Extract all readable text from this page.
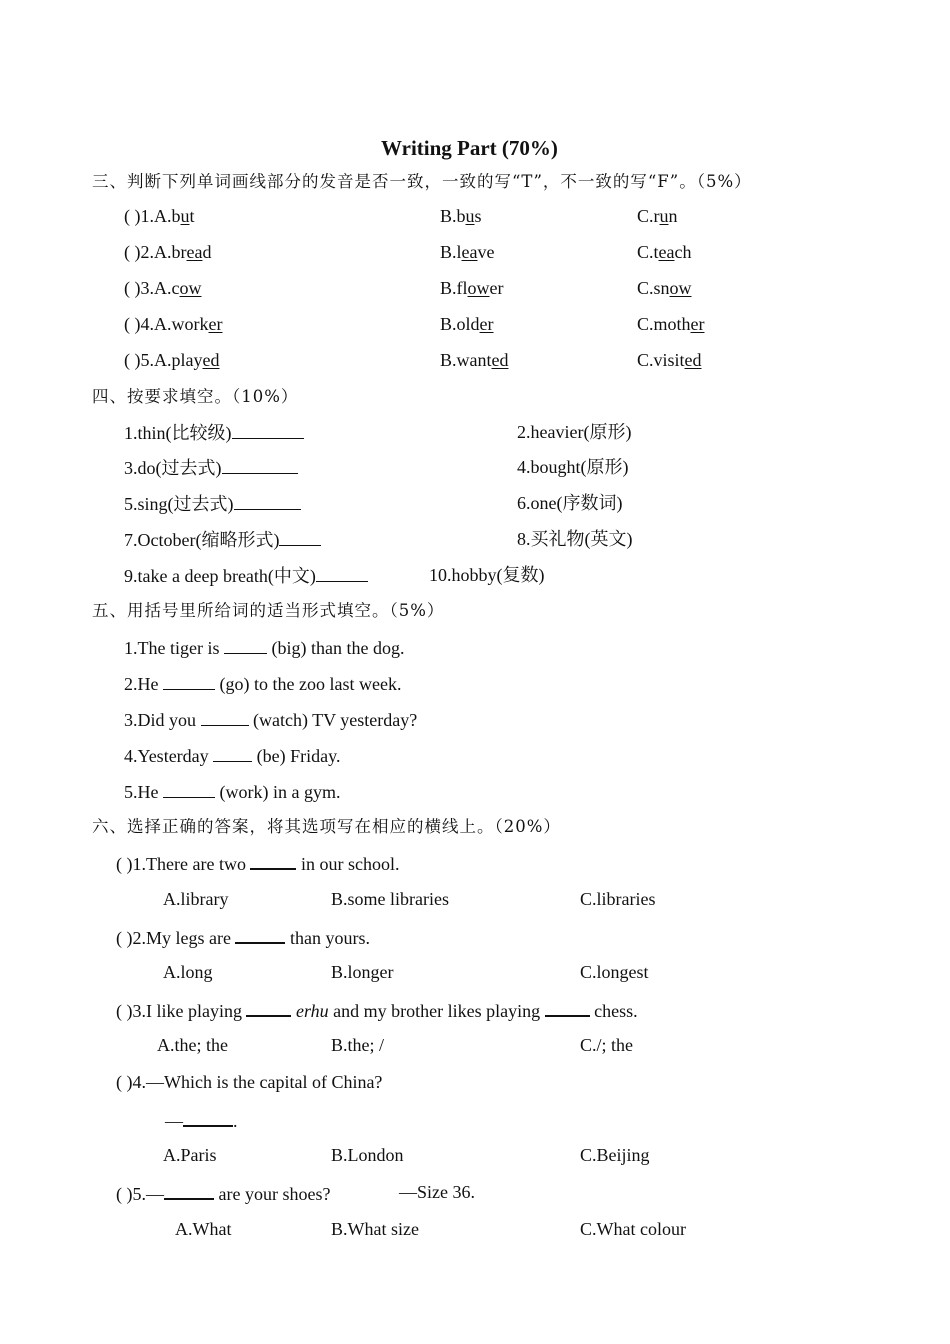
Writing Part (70%)
三、判断下列单词画线部分的发音是否一致，一致的写“T”，不一致的写“F”。（5%）
( )1.A.but	B.bus	C.run
( )2.A.bread	B.leave	C.teach
( )3.A.cow	B.flower	C.snow
( )4.A.worker	B.older	C.mother
( )5.A.played	B.wanted	C.visited
四、按要求填空。（10%）
1.thin(比较级)	2.heavier(原形)
3.do(过去式)	4.bought(原形)
5.sing(过去式)	6.one(序数词)
7.October(缩略形式)	8.买礼物(英文)
9.take a deep breath(中文)	10.hobby(复数)
五、用括号里所给词的适当形式填空。（5%）
1.The tiger is	(big) than the dog.
2.He	(go) to the zoo last week.
3.Did you	(watch) TV yesterday?
4.Yesterday	(be) Friday.
5.He	(work) in a gym.
六、选择正确的答案，将其选项写在相应的横线上。（20%）
( )1.There are two	in our school.
A.library	B.some libraries	C.libraries
( )2.My legs are	than yours.
A.long	B.longer	C.longest
( )3.I like playing	erhu and my brother likes playing	chess.
A.the; the	B.the; /	C./; the
( )4.—Which is the capital of China?
—	.
A.Paris	B.London	C.Beijing
( )5.—	are your shoes?	—Size 36.
A.What	B.What size	C.What colour
